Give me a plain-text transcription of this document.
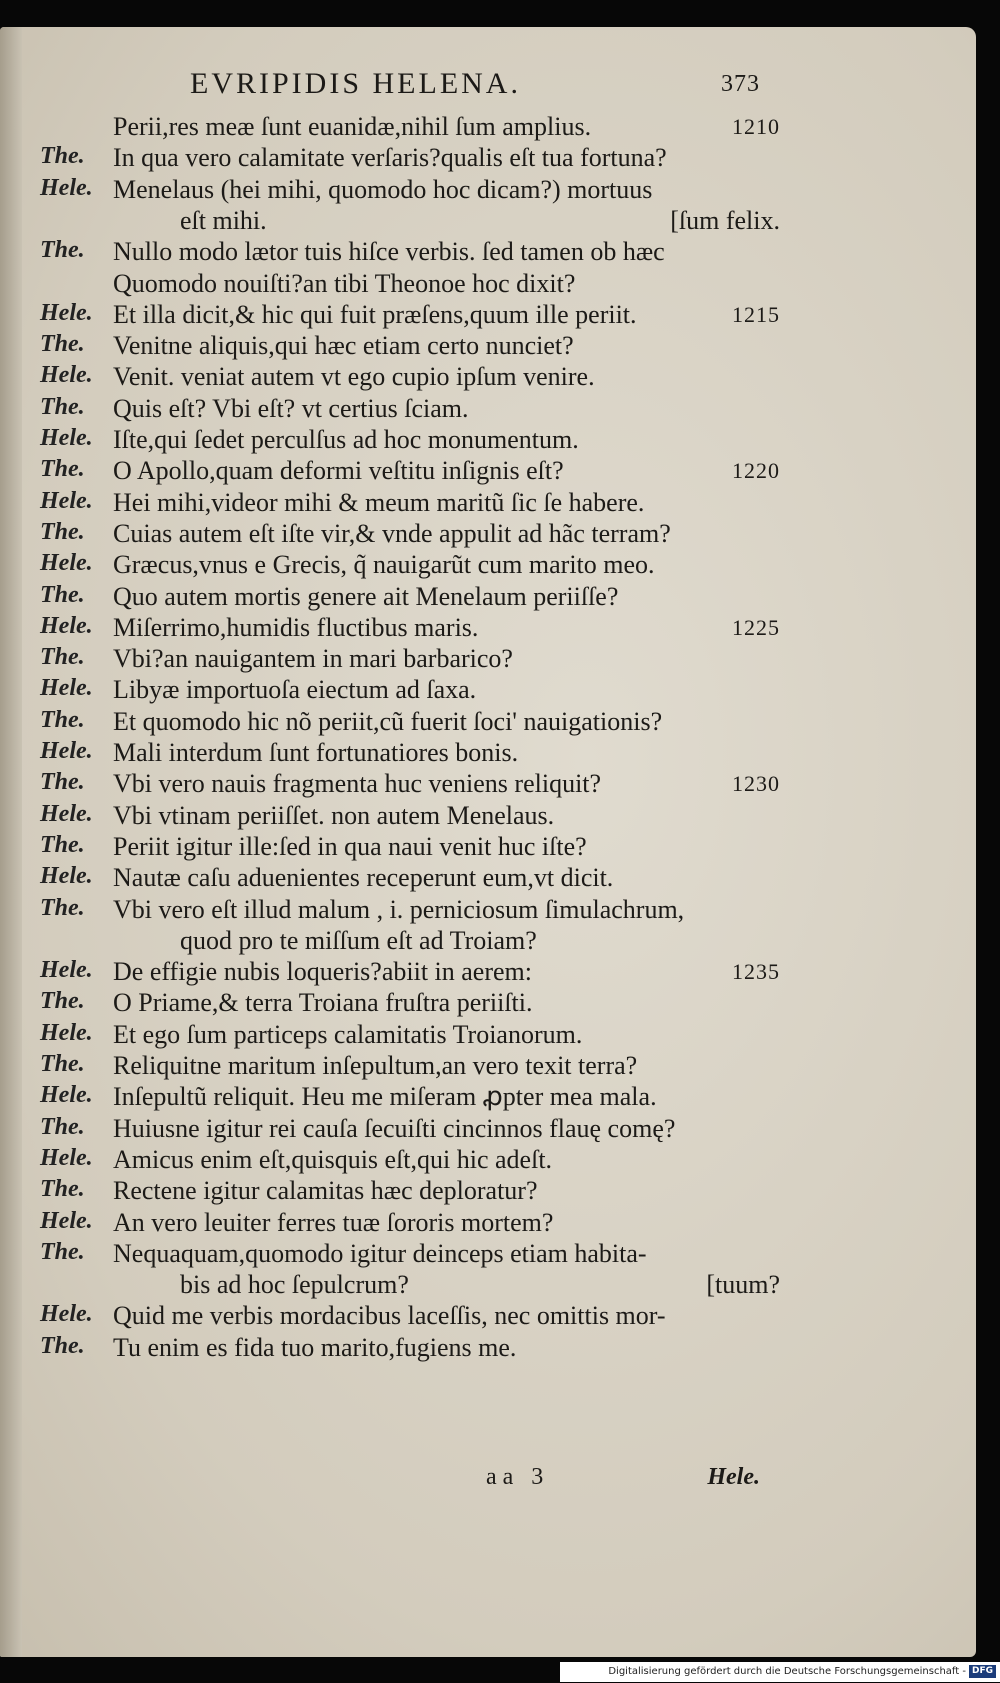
EVRIPIDIS HELENA.	373
Perii,res meæ ſunt euanidæ,nihil ſum amplius.	1210
The. In qua vero calamitate verſaris?qualis eſt tua fortuna?
Hele. Menelaus (hei mihi, quomodo hoc dicam?) mortuus
eſt mihi.	[ſum felix.
The. Nullo modo lætor tuis hiſce verbis. ſed tamen ob hæc
Quomodo nouiſti?an tibi Theonoe hoc dixit?
Hele. Et illa dicit,& hic qui fuit præſens,quum ille periit.	1215
The. Venitne aliquis,qui hæc etiam certo nunciet?
Hele. Venit. veniat autem vt ego cupio ipſum venire.
The. Quis eſt? Vbi eſt? vt certius ſciam.
Hele. Iſte,qui ſedet perculſus ad hoc monumentum.
The. O Apollo,quam deformi veſtitu inſignis eſt?	1220
Hele. Hei mihi,videor mihi & meum maritũ ſic ſe habere.
The. Cuias autem eſt iſte vir,& vnde appulit ad hãc terram?
Hele. Græcus,vnus e Grecis, q̃ nauigarũt cum marito meo.
The. Quo autem mortis genere ait Menelaum periiſſe?
Hele. Miſerrimo,humidis fluctibus maris.	1225
The. Vbi?an nauigantem in mari barbarico?
Hele. Libyæ importuoſa eiectum ad ſaxa.
The. Et quomodo hic nõ periit,cũ fuerit ſoci' nauigationis?
Hele. Mali interdum ſunt fortunatiores bonis.
The. Vbi vero nauis fragmenta huc veniens reliquit?	1230
Hele. Vbi vtinam periiſſet. non autem Menelaus.
The. Periit igitur ille:ſed in qua naui venit huc iſte?
Hele. Nautæ caſu aduenientes receperunt eum,vt dicit.
The. Vbi vero eſt illud malum , i. perniciosum ſimulachrum,
quod pro te miſſum eſt ad Troiam?
Hele. De effigie nubis loqueris?abiit in aerem:	1235
The. O Priame,& terra Troiana fruſtra periiſti.
Hele. Et ego ſum particeps calamitatis Troianorum.
The. Reliquitne maritum inſepultum,an vero texit terra?
Hele. Inſepultũ reliquit. Heu me miſeram ꝓpter mea mala.
The. Huiusne igitur rei cauſa ſecuiſti cincinnos flauę comę?
Hele. Amicus enim eſt,quisquis eſt,qui hic adeſt.
The. Rectene igitur calamitas hæc deploratur?
Hele. An vero leuiter ferres tuæ ſororis mortem?
The. Nequaquam,quomodo igitur deinceps etiam habita-
bis ad hoc ſepulcrum?	[tuum?
Hele. Quid me verbis mordacibus laceſſis, nec omittis mor-
The. Tu enim es fida tuo marito,fugiens me.
aa 3	Hele.
Digitalisierung gefördert durch die Deutsche Forschungsgemeinschaft - DFG
